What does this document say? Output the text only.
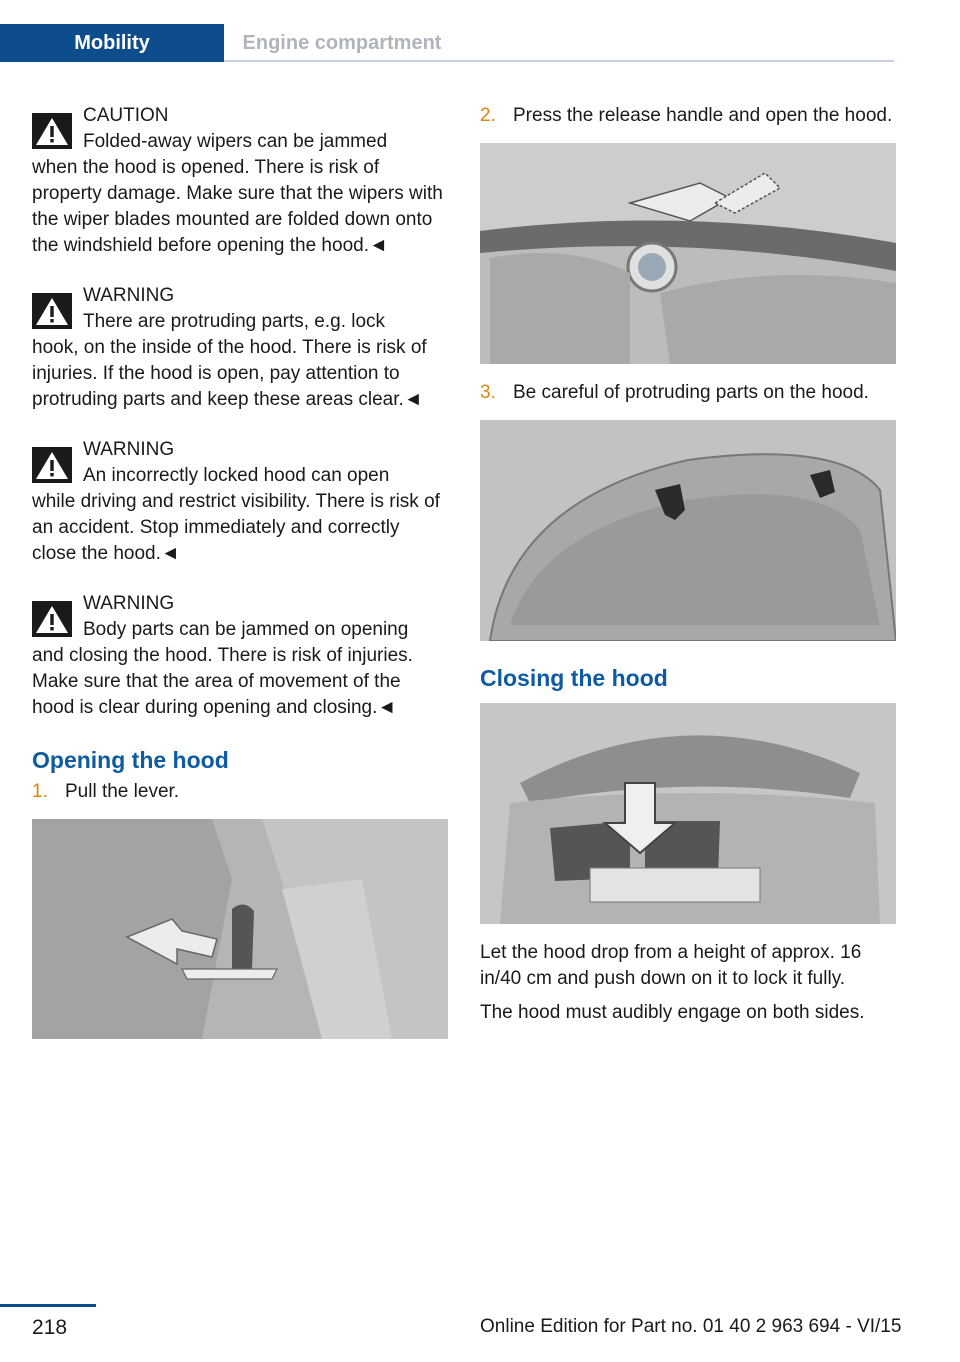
Mobility	Engine compartment
CAUTION
Folded-away wipers can be jammed
when the hood is opened. There is risk of property damage. Make sure that the wipers with the wiper blades mounted are folded down onto the windshield before opening the hood.◄
WARNING
There are protruding parts, e.g. lock
hook, on the inside of the hood. There is risk of injuries. If the hood is open, pay attention to protruding parts and keep these areas clear.◄
WARNING
An incorrectly locked hood can open
while driving and restrict visibility. There is risk of an accident. Stop immediately and correctly close the hood.◄
WARNING
Body parts can be jammed on opening
and closing the hood. There is risk of injuries. Make sure that the area of movement of the hood is clear during opening and closing.◄
Opening the hood
1. Pull the lever.
2. Press the release handle and open the hood.
3. Be careful of protruding parts on the hood.
Closing the hood

Let the hood drop from a height of approx. 16 in/40 cm and push down on it to lock it fully.

The hood must audibly engage on both sides.

218	Online Edition for Part no. 01 40 2 963 694 - VI/15
